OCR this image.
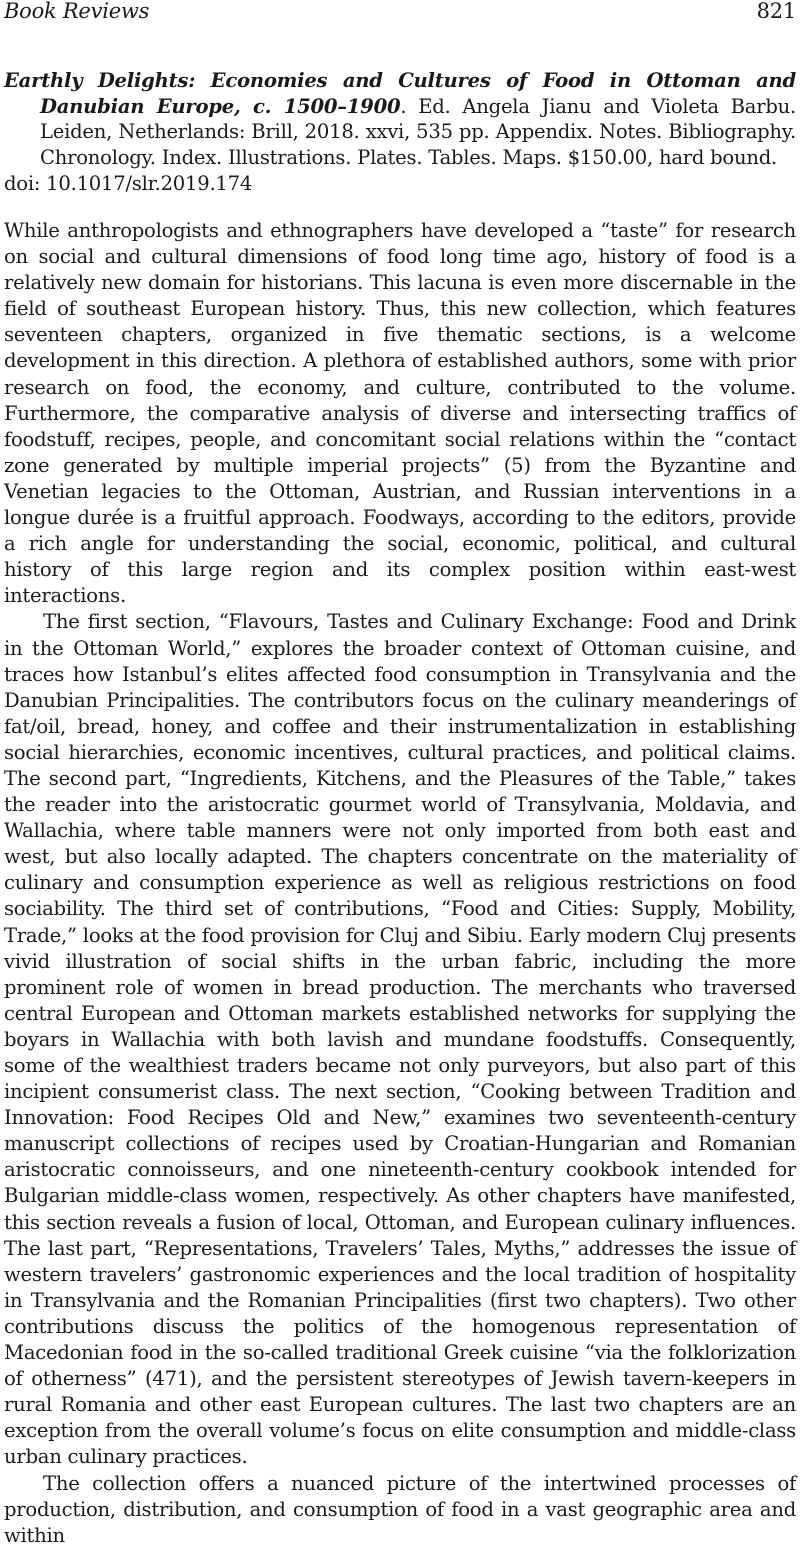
Book Reviews	821
Earthly Delights: Economies and Cultures of Food in Ottoman and Danubian Europe, c. 1500–1900. Ed. Angela Jianu and Violeta Barbu. Leiden, Netherlands: Brill, 2018. xxvi, 535 pp. Appendix. Notes. Bibliography. Chronology. Index. Illustrations. Plates. Tables. Maps. $150.00, hard bound.
doi: 10.1017/slr.2019.174

While anthropologists and ethnographers have developed a “taste” for research on social and cultural dimensions of food long time ago, history of food is a relatively new domain for historians. This lacuna is even more discernable in the field of southeast European history. Thus, this new collection, which features seventeen chapters, organized in five thematic sections, is a welcome development in this direction. A plethora of established authors, some with prior research on food, the economy, and culture, contributed to the volume. Furthermore, the comparative analysis of diverse and intersecting traffics of foodstuff, recipes, people, and concomitant social relations within the “contact zone generated by multiple imperial projects” (5) from the Byzantine and Venetian legacies to the Ottoman, Austrian, and Russian interventions in a longue durée is a fruitful approach. Foodways, according to the editors, provide a rich angle for understanding the social, economic, political, and cultural history of this large region and its complex position within east-west interactions.

The first section, “Flavours, Tastes and Culinary Exchange: Food and Drink in the Ottoman World,” explores the broader context of Ottoman cuisine, and traces how Istanbul’s elites affected food consumption in Transylvania and the Danubian Principalities. The contributors focus on the culinary meanderings of fat/oil, bread, honey, and coffee and their instrumentalization in establishing social hierarchies, economic incentives, cultural practices, and political claims. The second part, “Ingredients, Kitchens, and the Pleasures of the Table,” takes the reader into the aristocratic gourmet world of Transylvania, Moldavia, and Wallachia, where table manners were not only imported from both east and west, but also locally adapted. The chapters concentrate on the materiality of culinary and consumption experience as well as religious restrictions on food sociability. The third set of contributions, “Food and Cities: Supply, Mobility, Trade,” looks at the food provision for Cluj and Sibiu. Early modern Cluj presents vivid illustration of social shifts in the urban fabric, including the more prominent role of women in bread production. The merchants who traversed central European and Ottoman markets established networks for supplying the boyars in Wallachia with both lavish and mundane foodstuffs. Consequently, some of the wealthiest traders became not only purveyors, but also part of this incipient consumerist class. The next section, “Cooking between Tradition and Innovation: Food Recipes Old and New,” examines two seventeenth-century manuscript collections of recipes used by Croatian-Hungarian and Romanian aristocratic connoisseurs, and one nineteenth-century cookbook intended for Bulgarian middle-class women, respectively. As other chapters have manifested, this section reveals a fusion of local, Ottoman, and European culinary influences. The last part, “Representations, Travelers’ Tales, Myths,” addresses the issue of western travelers’ gastronomic experiences and the local tradition of hospitality in Transylvania and the Romanian Principalities (first two chapters). Two other contributions discuss the politics of the homogenous representation of Macedonian food in the so-called traditional Greek cuisine “via the folklorization of otherness” (471), and the persistent stereotypes of Jewish tavern-keepers in rural Romania and other east European cultures. The last two chapters are an exception from the overall volume’s focus on elite consumption and middle-class urban culinary practices.

The collection offers a nuanced picture of the intertwined processes of production, distribution, and consumption of food in a vast geographic area and within
